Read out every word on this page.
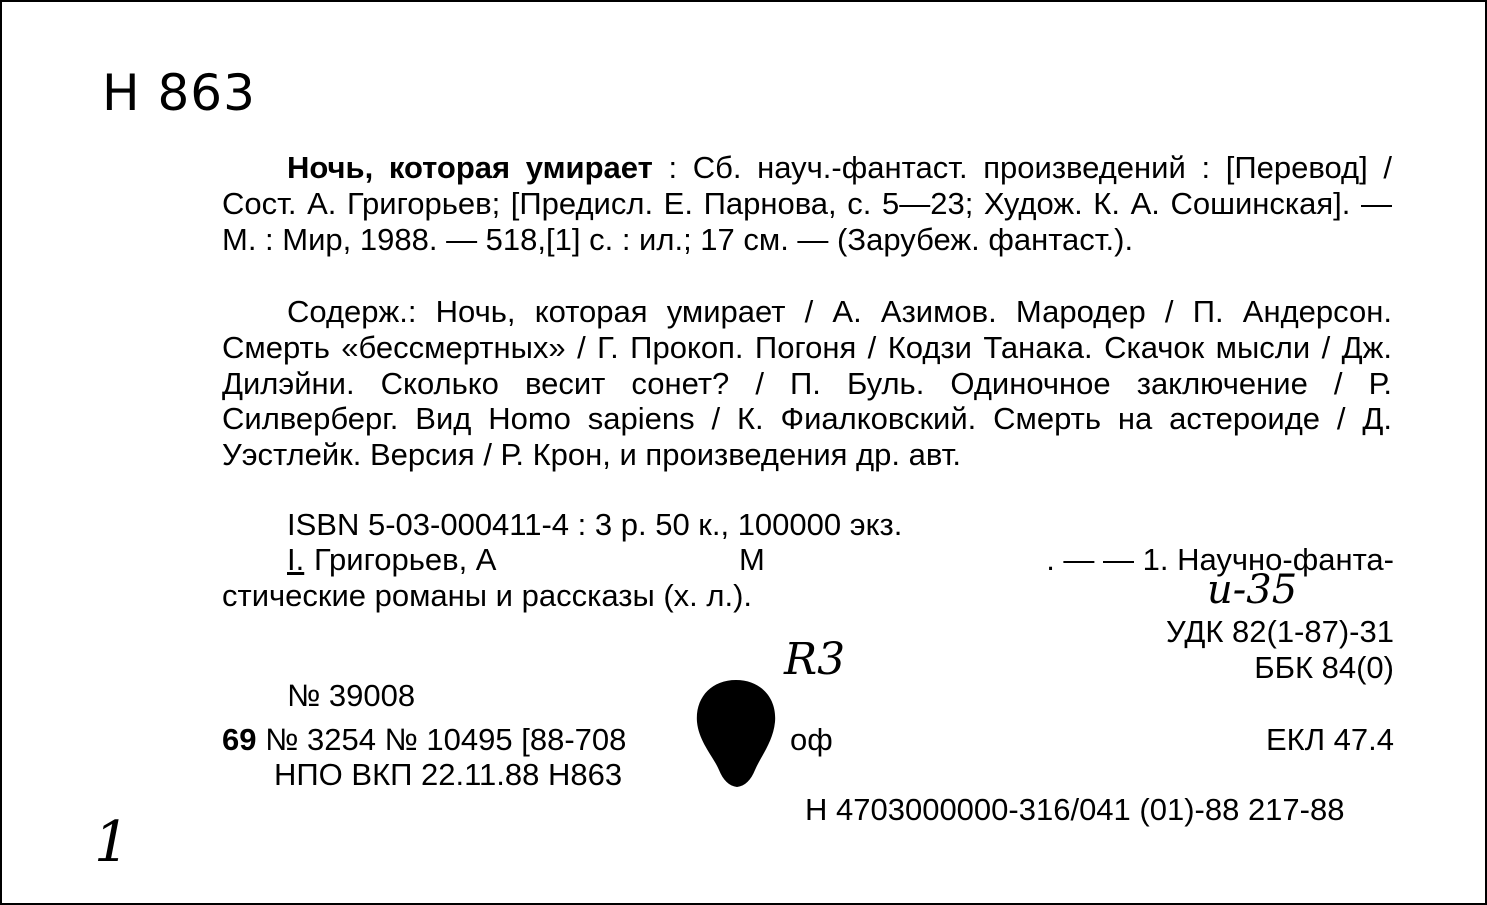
Н 863
Ночь, которая умирает : Сб. науч.-фантаст. произведений : [Перевод] / Сост. А. Григорьев; [Предисл. Е. Парнова, с. 5—23; Худож. К. А. Сошинская]. — М. : Мир, 1988. — 518,[1] с. : ил.; 17 см. — (Зарубеж. фантаст.).
Содерж.: Ночь, которая умирает / А. Азимов. Мародер / П. Андерсон. Смерть «бессмертных» / Г. Прокоп. Погоня / Кодзи Танака. Скачок мысли / Дж. Дилэйни. Сколько весит сонет? / П. Буль. Одиночное заключение / Р. Силверберг. Вид Homo sapiens / К. Фиалковский. Смерть на астероиде / Д. Уэстлейк. Версия / Р. Крон, и произведения др. авт.
ISBN 5-03-000411-4 : 3 р. 50 к., 100000 экз.
I. Григорьев, А	М	. — — 1. Научно-фанта-
стические романы и рассказы (х. л.).	и-35
R3
1
УДК 82(1-87)-31
ББК 84(0)
№ 39008
69 № 3254 № 10495 [88-708	оф	ЕКЛ 47.4
НПО ВКП 22.11.88 Н863
Н 4703000000-316/041 (01)-88 217-88
